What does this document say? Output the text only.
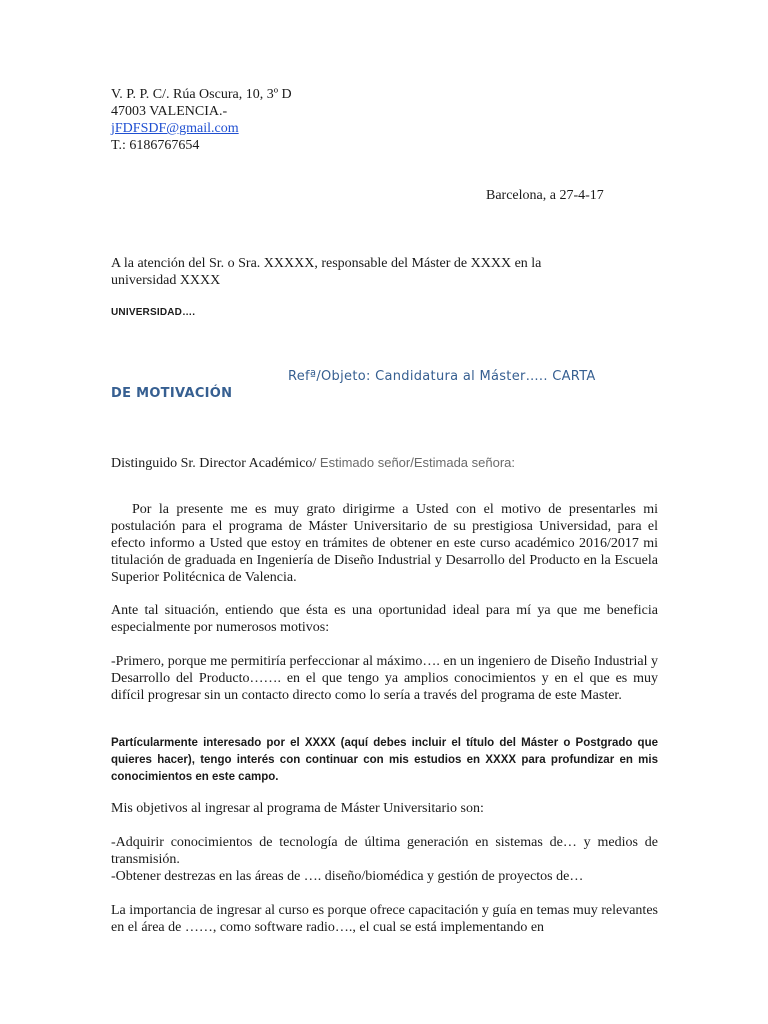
V. P. P. C/. Rúa Oscura, 10, 3º D
47003 VALENCIA.-
jFDFSDF@gmail.com
T.: 6186767654
Barcelona, a 27-4-17
A la atención del Sr. o Sra. XXXXX, responsable del Máster de XXXX en la
universidad XXXX
UNIVERSIDAD….
Refª/Objeto: Candidatura al Máster….. CARTA
DE MOTIVACIÓN
Distinguido Sr. Director Académico/ Estimado señor/Estimada señora:
Por la presente me es muy grato dirigirme a Usted con el motivo de presentarles mi postulación para el programa de Máster Universitario de su prestigiosa Universidad, para el efecto informo a Usted que estoy en trámites de obtener en este curso académico 2016/2017 mi titulación de graduada en Ingeniería de Diseño Industrial y Desarrollo del Producto en la Escuela Superior Politécnica de Valencia.
Ante tal situación, entiendo que ésta es una oportunidad ideal para mí ya que me beneficia especialmente por numerosos motivos:
-Primero, porque me permitiría perfeccionar al máximo…. en un ingeniero de Diseño Industrial y Desarrollo del Producto……. en el que tengo ya amplios conocimientos y en el que es muy difícil progresar sin un contacto directo como lo sería a través del programa de este Master.
Partícularmente interesado por el XXXX (aquí debes incluir el título del Máster o Postgrado que quieres hacer), tengo interés con continuar con mis estudios en XXXX para profundizar en mis conocimientos en este campo.
Mis objetivos al ingresar al programa de Máster Universitario son:
-Adquirir conocimientos de tecnología de última generación en sistemas de… y medios de transmisión.
-Obtener destrezas en las áreas de …. diseño/biomédica y gestión de proyectos de…
La importancia de ingresar al curso es porque ofrece capacitación y guía en temas muy relevantes en el área de ……, como software radio…., el cual se está implementando en
